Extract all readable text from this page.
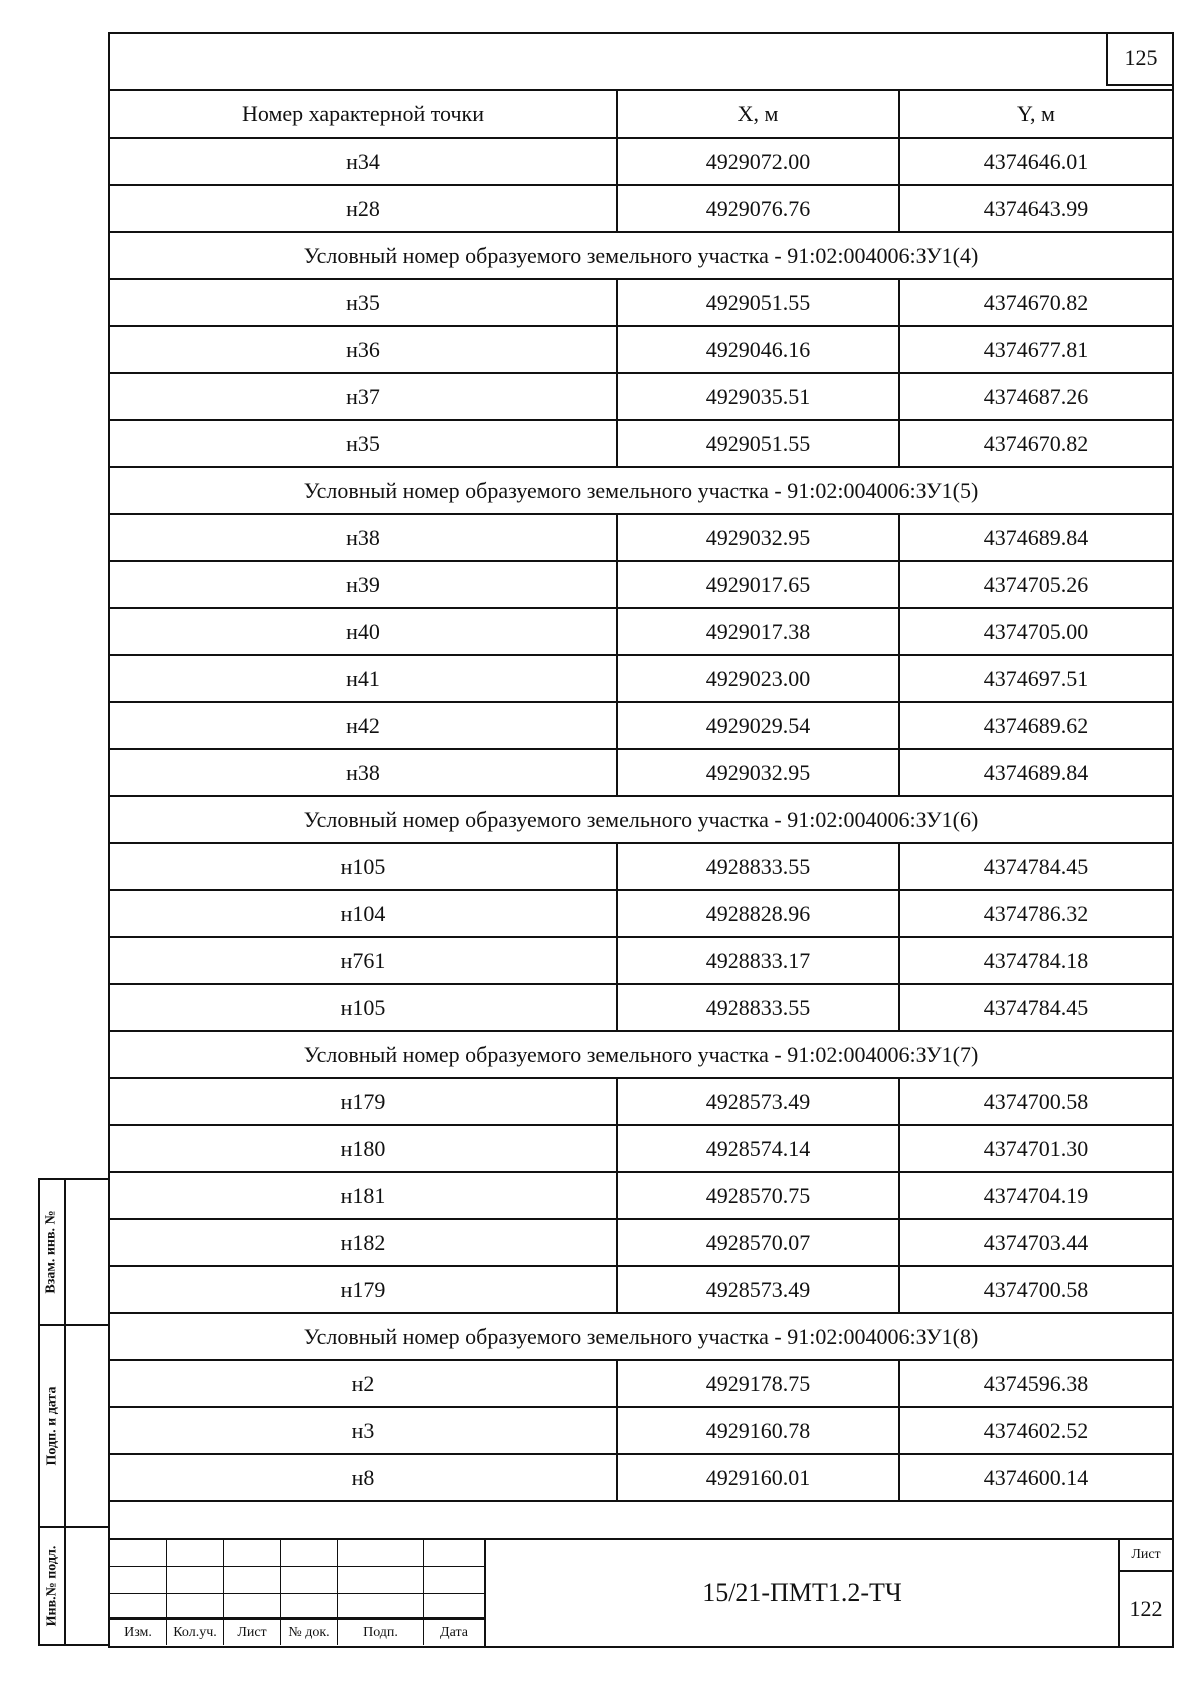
125
Номер характерной точки	X, м	Y, м
н34	4929072.00	4374646.01
н28	4929076.76	4374643.99
Условный номер образуемого земельного участка - 91:02:004006:ЗУ1(4)
н35	4929051.55	4374670.82
н36	4929046.16	4374677.81
н37	4929035.51	4374687.26
н35	4929051.55	4374670.82
Условный номер образуемого земельного участка - 91:02:004006:ЗУ1(5)
н38	4929032.95	4374689.84
н39	4929017.65	4374705.26
н40	4929017.38	4374705.00
н41	4929023.00	4374697.51
н42	4929029.54	4374689.62
н38	4929032.95	4374689.84
Условный номер образуемого земельного участка - 91:02:004006:ЗУ1(6)
н105	4928833.55	4374784.45
н104	4928828.96	4374786.32
н761	4928833.17	4374784.18
н105	4928833.55	4374784.45
Условный номер образуемого земельного участка - 91:02:004006:ЗУ1(7)
н179	4928573.49	4374700.58
н180	4928574.14	4374701.30
н181	4928570.75	4374704.19
н182	4928570.07	4374703.44
н179	4928573.49	4374700.58
Условный номер образуемого земельного участка - 91:02:004006:ЗУ1(8)
н2	4929178.75	4374596.38
н3	4929160.78	4374602.52
н8	4929160.01	4374600.14
Изм.	Кол.уч.	Лист	№ док.	Подп.	Дата
15/21-ПМТ1.2-ТЧ
Лист
122
Взам. инв. №
Подп. и дата
Инв.№ подл.
